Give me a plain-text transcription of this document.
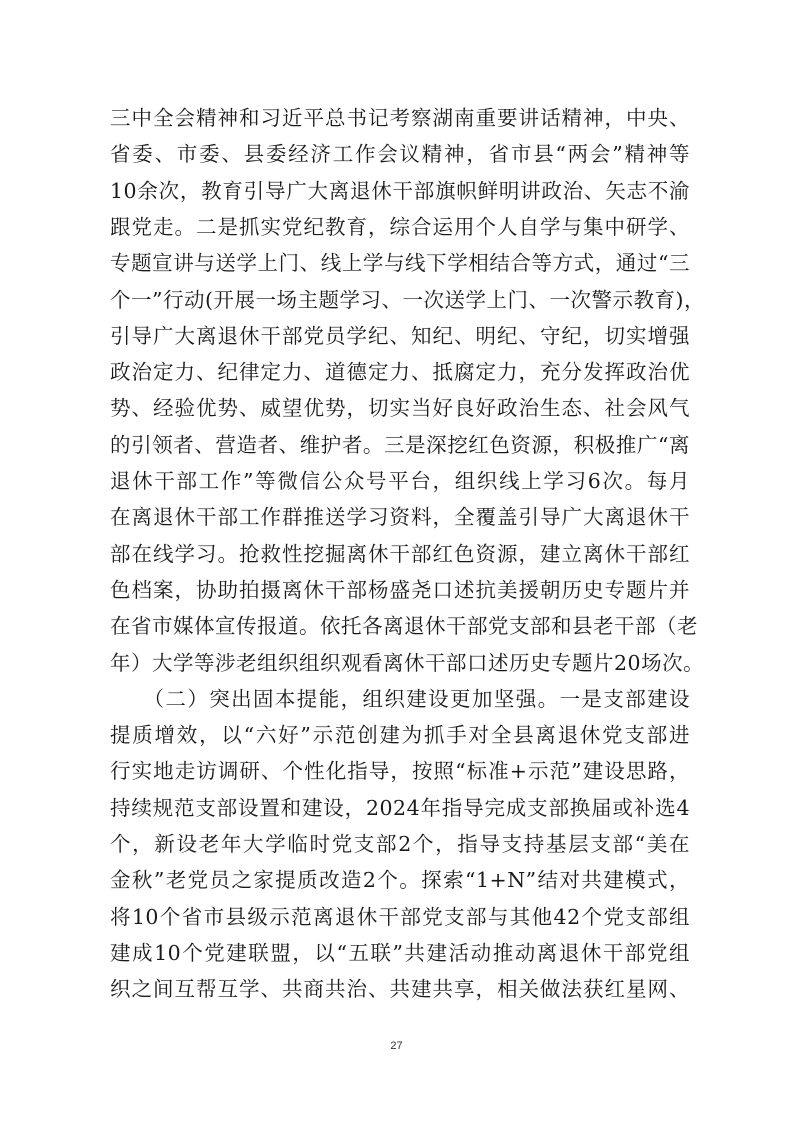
三中全会精神和习近平总书记考察湖南重要讲话精神，中央、
省委、市委、县委经济工作会议精神，省市县“两会”精神等
10余次，教育引导广大离退休干部旗帜鲜明讲政治、矢志不渝
跟党走。二是抓实党纪教育，综合运用个人自学与集中研学、
专题宣讲与送学上门、线上学与线下学相结合等方式，通过“三
个一”行动(开展一场主题学习、一次送学上门、一次警示教育)，
引导广大离退休干部党员学纪、知纪、明纪、守纪，切实增强
政治定力、纪律定力、道德定力、抵腐定力，充分发挥政治优
势、经验优势、威望优势，切实当好良好政治生态、社会风气
的引领者、营造者、维护者。三是深挖红色资源，积极推广“离
退休干部工作”等微信公众号平台，组织线上学习6次。每月
在离退休干部工作群推送学习资料，全覆盖引导广大离退休干
部在线学习。抢救性挖掘离休干部红色资源，建立离休干部红
色档案，协助拍摄离休干部杨盛尧口述抗美援朝历史专题片并
在省市媒体宣传报道。依托各离退休干部党支部和县老干部（老
年）大学等涉老组织组织观看离休干部口述历史专题片20场次。
　　（二）突出固本提能，组织建设更加坚强。一是支部建设
提质增效，以“六好”示范创建为抓手对全县离退休党支部进
行实地走访调研、个性化指导，按照“标准+示范”建设思路，
持续规范支部设置和建设，2024年指导完成支部换届或补选4
个，新设老年大学临时党支部2个，指导支持基层支部“美在
金秋”老党员之家提质改造2个。探索“1+N”结对共建模式，
将10个省市县级示范离退休干部党支部与其他42个党支部组
建成10个党建联盟，以“五联”共建活动推动离退休干部党组
织之间互帮互学、共商共治、共建共享，相关做法获红星网、
27
